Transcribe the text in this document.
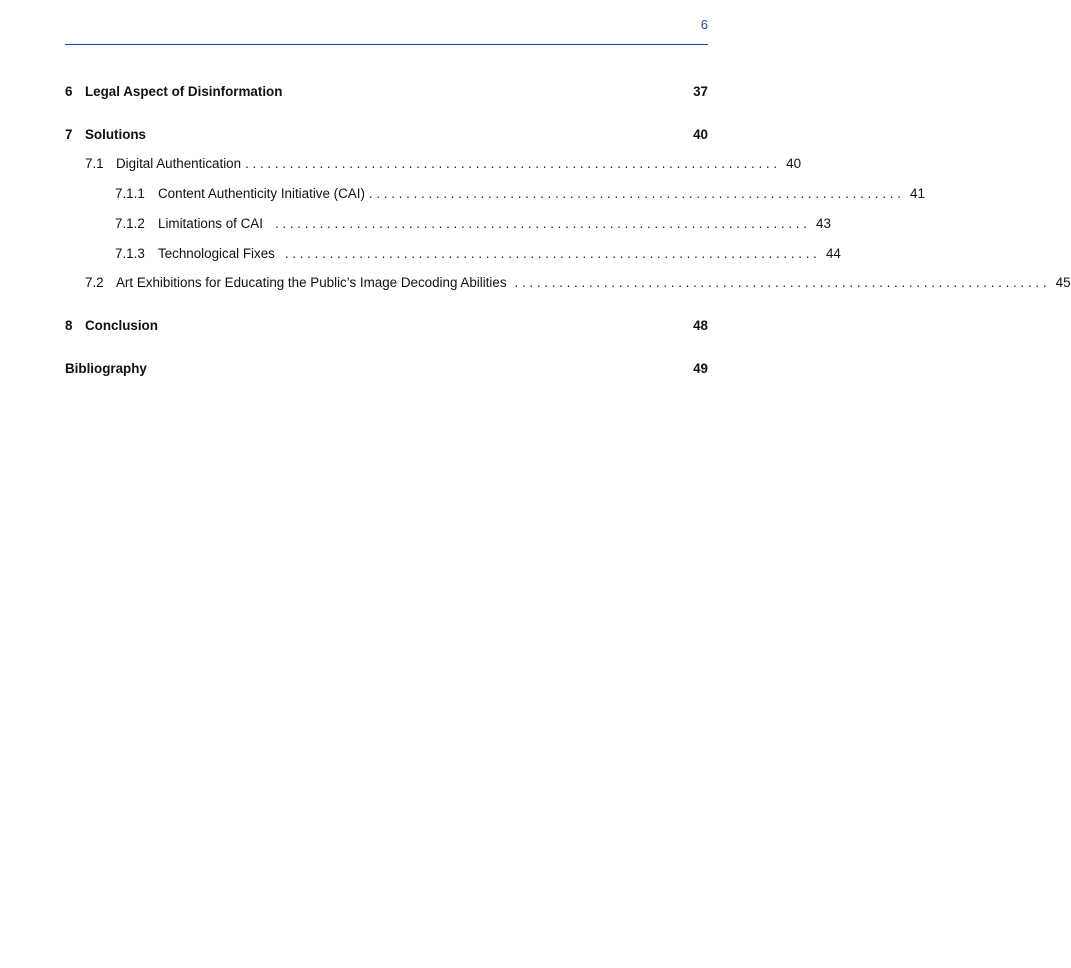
6
6 Legal Aspect of Disinformation	37
7 Solutions	40
7.1 Digital Authentication . . . . . . . . . . . . . . . . . . . . . . . . . . . . . . . . . . . . . . . . . . . . . . . . . . . . . . . . . . . . . . . . . . . . . . . . 40
7.1.1 Content Authenticity Initiative (CAI) . . . . . . . . . . . . . . . . . . . . . . . . . . . . . . . . . . . . . . . . . . . . . . . . . . . . . . . . . . . . . . . . . . . . . . . . 41
7.1.2 Limitations of CAI . . . . . . . . . . . . . . . . . . . . . . . . . . . . . . . . . . . . . . . . . . . . . . . . . . . . . . . . . . . . . . . . . . . . . . . . 43
7.1.3 Technological Fixes . . . . . . . . . . . . . . . . . . . . . . . . . . . . . . . . . . . . . . . . . . . . . . . . . . . . . . . . . . . . . . . . . . . . . . . . 44
7.2 Art Exhibitions for Educating the Public’s Image Decoding Abilities . . . . . . . . . . . . . . . . . . . . . . . . . . . . . . . . . . . . . . . . . . . . . . . . . . . . . . . . . . . . . . . . . . . . . . . . 45
8 Conclusion	48
Bibliography	49
